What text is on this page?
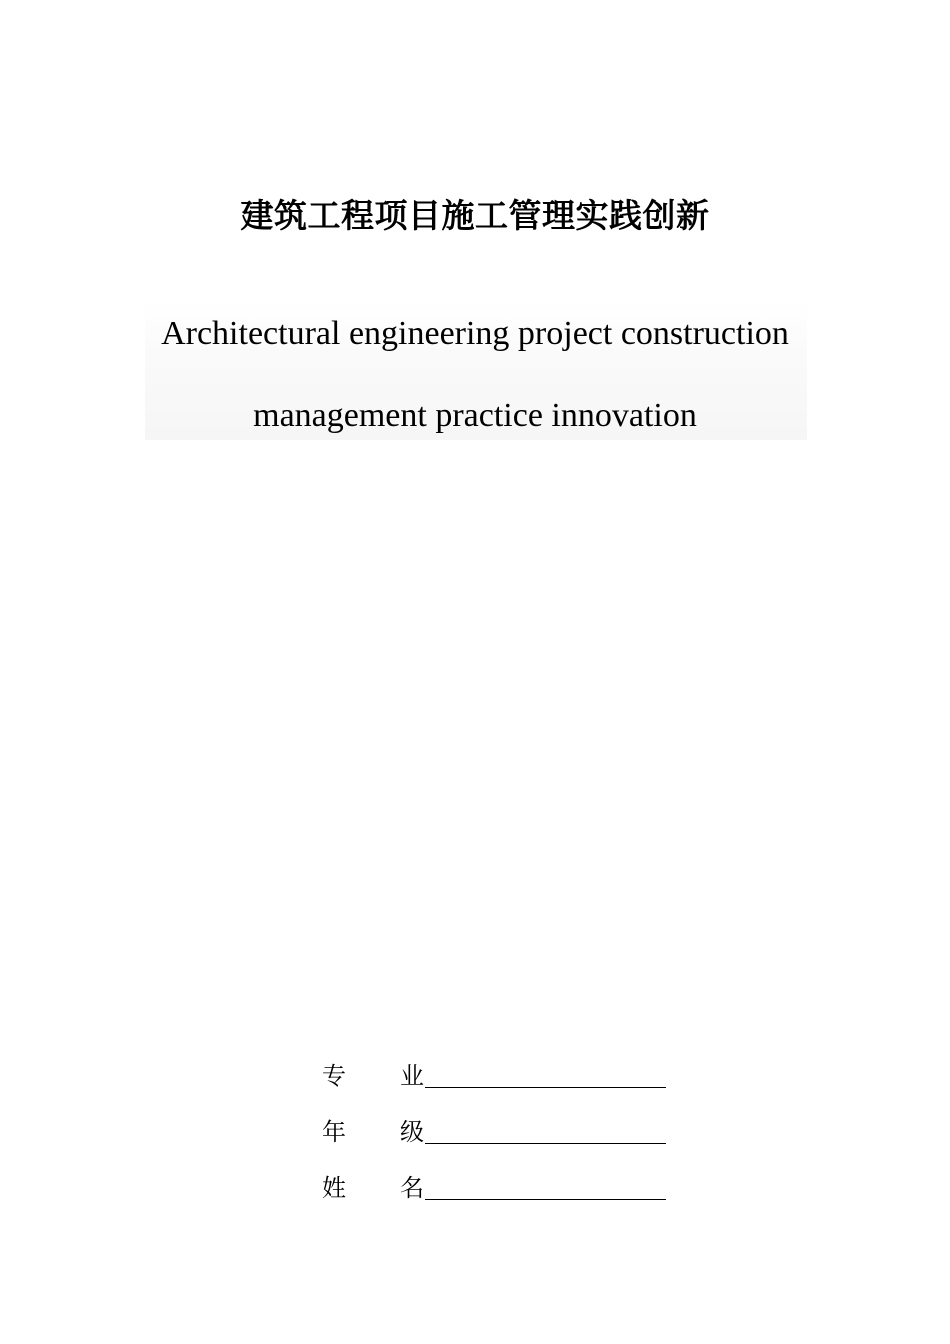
建筑工程项目施工管理实践创新
Architectural engineering project construction
management practice innovation
专 业
年 级
姓 名
